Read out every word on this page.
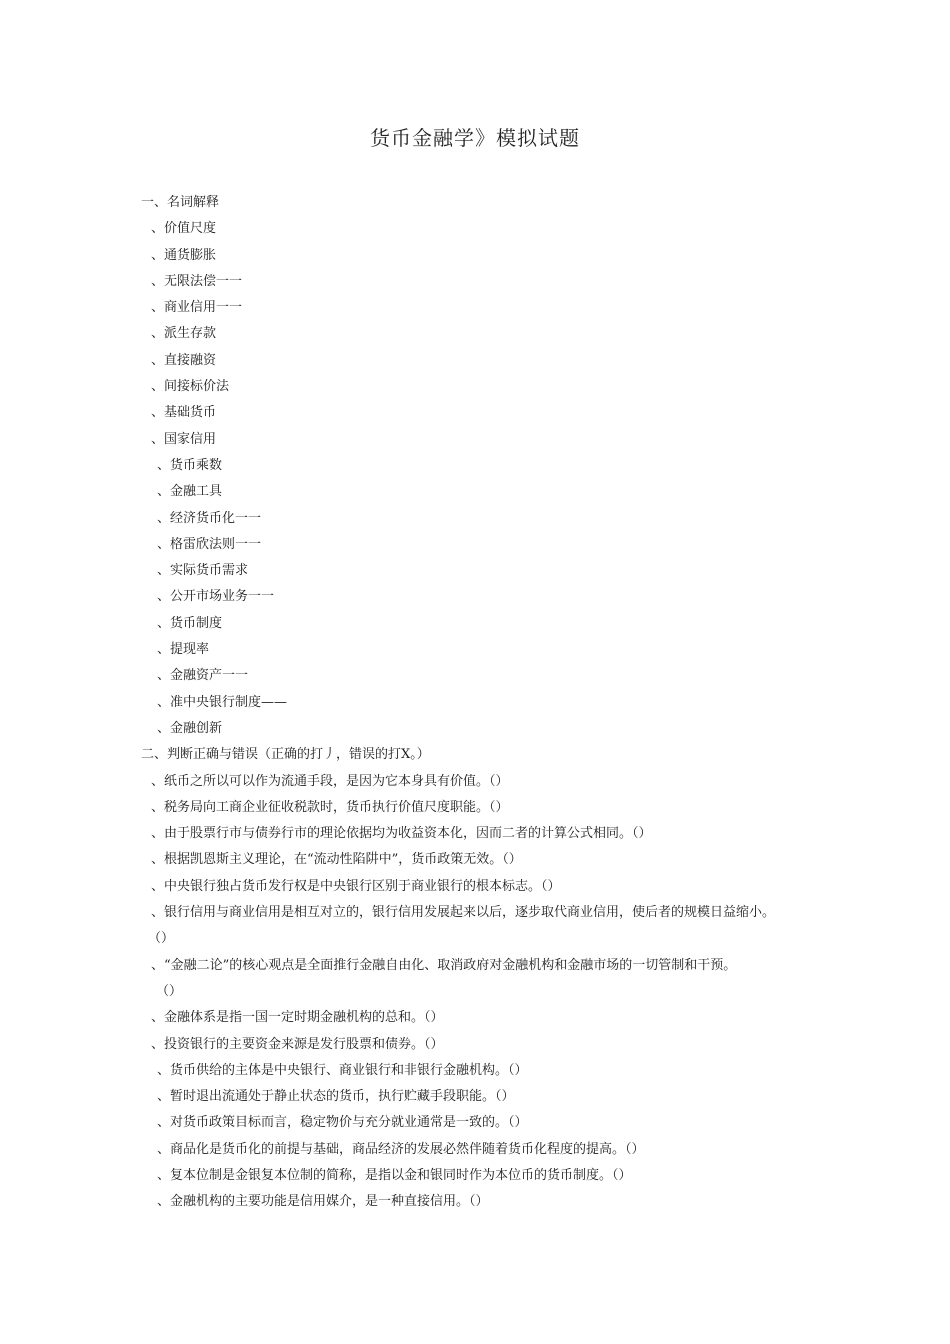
货币金融学》模拟试题
一、名词解释
、价值尺度
、通货膨胀
、无限法偿一一
、商业信用一一
、派生存款
、直接融资
、间接标价法
、基础货币
、国家信用
、货币乘数
、金融工具
、经济货币化一一
、格雷欣法则一一
、实际货币需求
、公开市场业务一一
、货币制度
、提现率
、金融资产一一
、准中央银行制度——
、金融创新
二、判断正确与错误（正确的打丿，错误的打X。）
、纸币之所以可以作为流通手段，是因为它本身具有价值。（）
、税务局向工商企业征收税款时，货币执行价值尺度职能。（）
、由于股票行市与债券行市的理论依据均为收益资本化，因而二者的计算公式相同。（）
、根据凯恩斯主义理论，在“流动性陷阱中”，货币政策无效。（）
、中央银行独占货币发行权是中央银行区别于商业银行的根本标志。（）
、银行信用与商业信用是相互对立的，银行信用发展起来以后，逐步取代商业信用，使后者的规模日益缩小。
（）
、“金融二论”的核心观点是全面推行金融自由化、取消政府对金融机构和金融市场的一切管制和干预。
（）
、金融体系是指一国一定时期金融机构的总和。（）
、投资银行的主要资金来源是发行股票和债券。（）
、货币供给的主体是中央银行、商业银行和非银行金融机构。（）
、暂时退出流通处于静止状态的货币，执行贮藏手段职能。（）
、对货币政策目标而言，稳定物价与充分就业通常是一致的。（）
、商品化是货币化的前提与基础，商品经济的发展必然伴随着货币化程度的提高。（）
、复本位制是金银复本位制的简称，是指以金和银同时作为本位币的货币制度。（）
、金融机构的主要功能是信用媒介，是一种直接信用。（）
